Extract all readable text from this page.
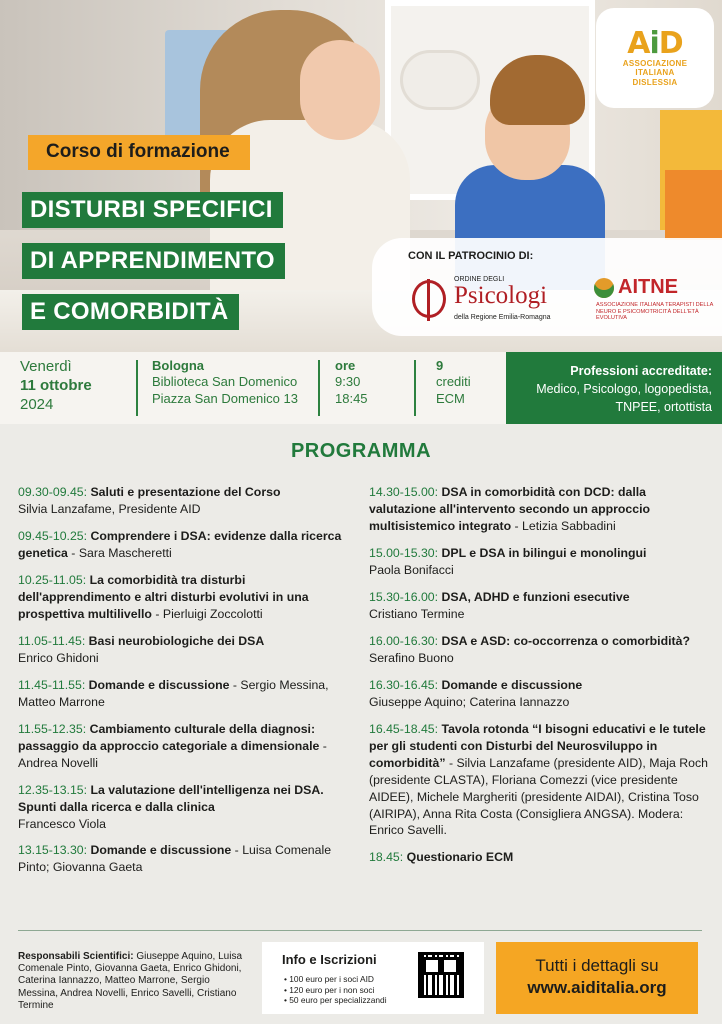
AiD
ASSOCIAZIONE
ITALIANA
DISLESSIA
Corso di formazione
DISTURBI SPECIFICI
DI APPRENDIMENTO
E COMORBIDITÀ
CON IL PATROCINIO DI:
ORDINE DEGLI
Psicologi
della Regione Emilia-Romagna
AITNE
ASSOCIAZIONE ITALIANA TERAPISTI DELLA NEURO E PSICOMOTRICITÀ DELL'ETÀ EVOLUTIVA
Venerdì
11 ottobre
2024
Bologna
Biblioteca San Domenico
Piazza San Domenico 13
ore
9:30
18:45
9
crediti
ECM
Professioni accreditate:
Medico, Psicologo, logopedista,
TNPEE, ortottista
PROGRAMMA
09.30-09.45: Saluti e presentazione del Corso
Silvia Lanzafame, Presidente AID
09.45-10.25: Comprendere i DSA: evidenze dalla ricerca genetica - Sara Mascheretti
10.25-11.05: La comorbidità tra disturbi dell'apprendimento e altri disturbi evolutivi in una prospettiva multilivello - Pierluigi Zoccolotti
11.05-11.45: Basi neurobiologiche dei DSA
Enrico Ghidoni
11.45-11.55: Domande e discussione - Sergio Messina, Matteo Marrone
11.55-12.35: Cambiamento culturale della diagnosi: passaggio da approccio categoriale a dimensionale - Andrea Novelli
12.35-13.15: La valutazione dell'intelligenza nei DSA. Spunti dalla ricerca e dalla clinica
Francesco Viola
13.15-13.30: Domande e discussione - Luisa Comenale Pinto; Giovanna Gaeta
14.30-15.00: DSA in comorbidità con DCD: dalla valutazione all'intervento secondo un approccio multisistemico integrato - Letizia Sabbadini
15.00-15.30: DPL e DSA in bilingui e monolingui
Paola Bonifacci
15.30-16.00: DSA, ADHD e funzioni esecutive
Cristiano Termine
16.00-16.30: DSA e ASD: co-occorrenza o comorbidità? Serafino Buono
16.30-16.45: Domande e discussione
Giuseppe Aquino; Caterina Iannazzo
16.45-18.45: Tavola rotonda “I bisogni educativi e le tutele per gli studenti con Disturbi del Neurosviluppo in comorbidità” - Silvia Lanzafame (presidente AID), Maja Roch (presidente CLASTA), Floriana Comezzi (vice presidente AIDEE), Michele Margheriti (presidente AIDAI), Cristina Toso (AIRIPA), Anna Rita Costa (Consigliera ANGSA). Modera: Enrico Savelli.
18.45: Questionario ECM
Responsabili Scientifici: Giuseppe Aquino, Luisa Comenale Pinto, Giovanna Gaeta, Enrico Ghidoni, Caterina Iannazzo, Matteo Marrone, Sergio Messina, Andrea Novelli, Enrico Savelli, Cristiano Termine
Info e Iscrizioni
• 100 euro per i soci AID
• 120 euro per i non soci
• 50 euro per specializzandi
Tutti i dettagli su
www.aiditalia.org
